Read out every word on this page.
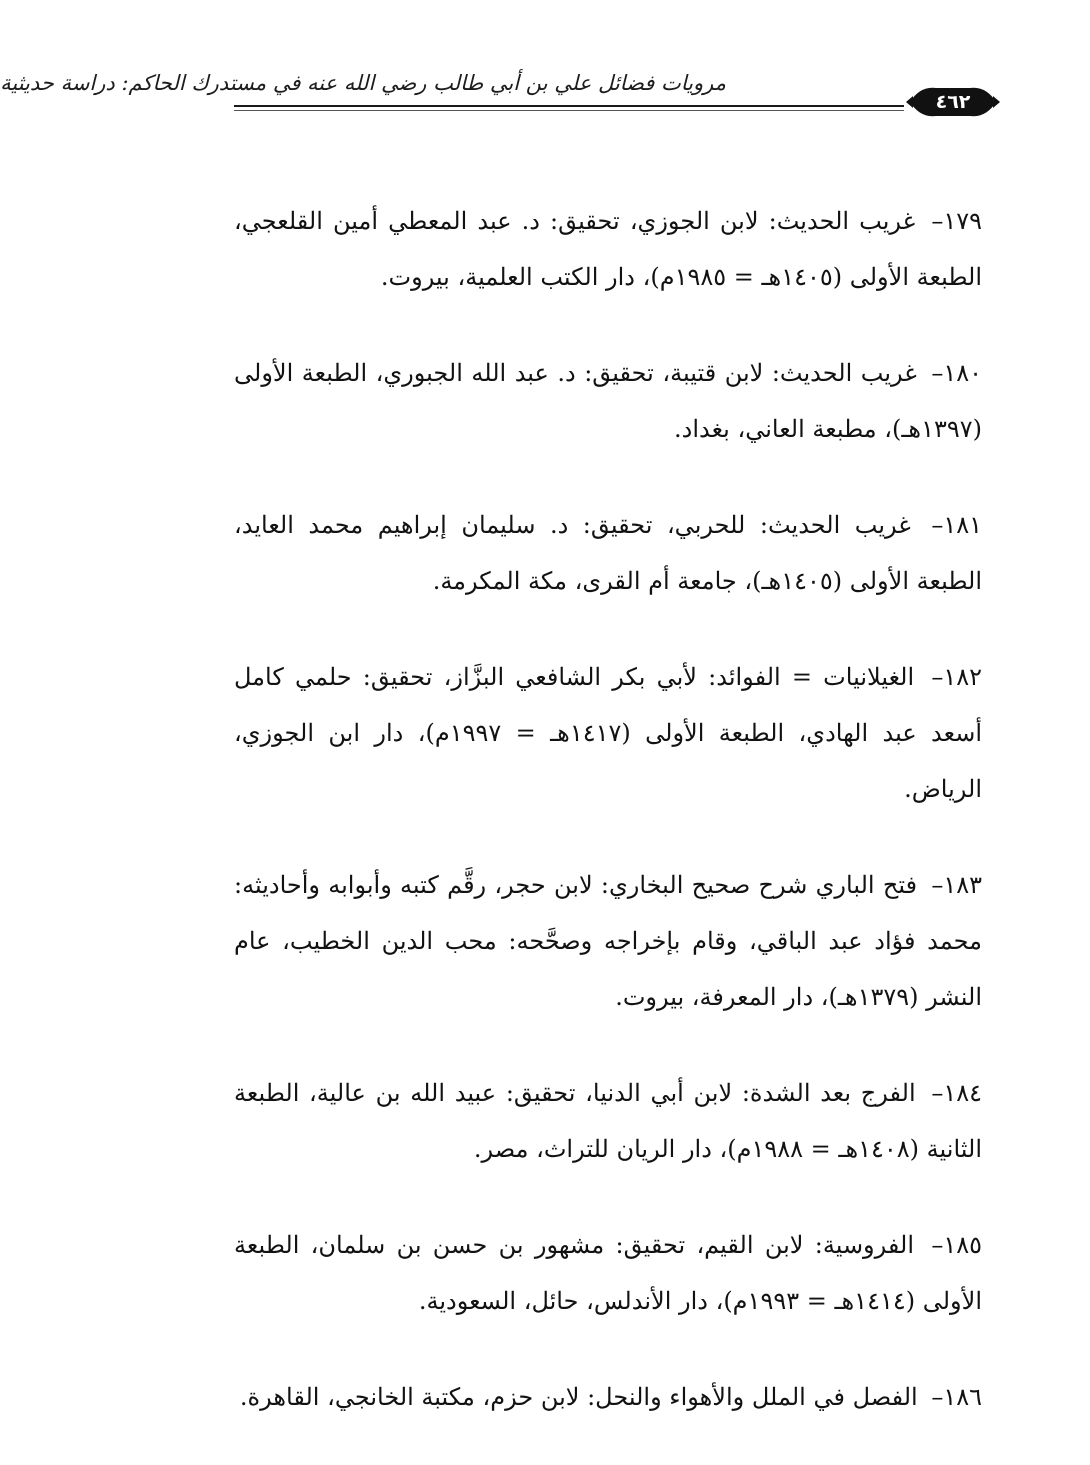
مرويات فضائل علي بن أبي طالب رضي الله عنه في مستدرك الحاكم: دراسة حديثية
٤٦٢

١٧٩– غريب الحديث: لابن الجوزي، تحقيق: د. عبد المعطي أمين القلعجي، الطبعة الأولى (١٤٠٥هـ = ١٩٨٥م)، دار الكتب العلمية، بيروت.

١٨٠– غريب الحديث: لابن قتيبة، تحقيق: د. عبد الله الجبوري، الطبعة الأولى (١٣٩٧هـ)، مطبعة العاني، بغداد.

١٨١– غريب الحديث: للحربي، تحقيق: د. سليمان إبراهيم محمد العايد، الطبعة الأولى (١٤٠٥هـ)، جامعة أم القرى، مكة المكرمة.

١٨٢– الغيلانيات = الفوائد: لأبي بكر الشافعي البزَّاز، تحقيق: حلمي كامل أسعد عبد الهادي، الطبعة الأولى (١٤١٧هـ = ١٩٩٧م)، دار ابن الجوزي، الرياض.

١٨٣– فتح الباري شرح صحيح البخاري: لابن حجر، رقَّم كتبه وأبوابه وأحاديثه: محمد فؤاد عبد الباقي، وقام بإخراجه وصحَّحه: محب الدين الخطيب، عام النشر (١٣٧٩هـ)، دار المعرفة، بيروت.

١٨٤– الفرج بعد الشدة: لابن أبي الدنيا، تحقيق: عبيد الله بن عالية، الطبعة الثانية (١٤٠٨هـ = ١٩٨٨م)، دار الريان للتراث، مصر.

١٨٥– الفروسية: لابن القيم، تحقيق: مشهور بن حسن بن سلمان، الطبعة الأولى (١٤١٤هـ = ١٩٩٣م)، دار الأندلس، حائل، السعودية.

١٨٦– الفصل في الملل والأهواء والنحل: لابن حزم، مكتبة الخانجي، القاهرة.
